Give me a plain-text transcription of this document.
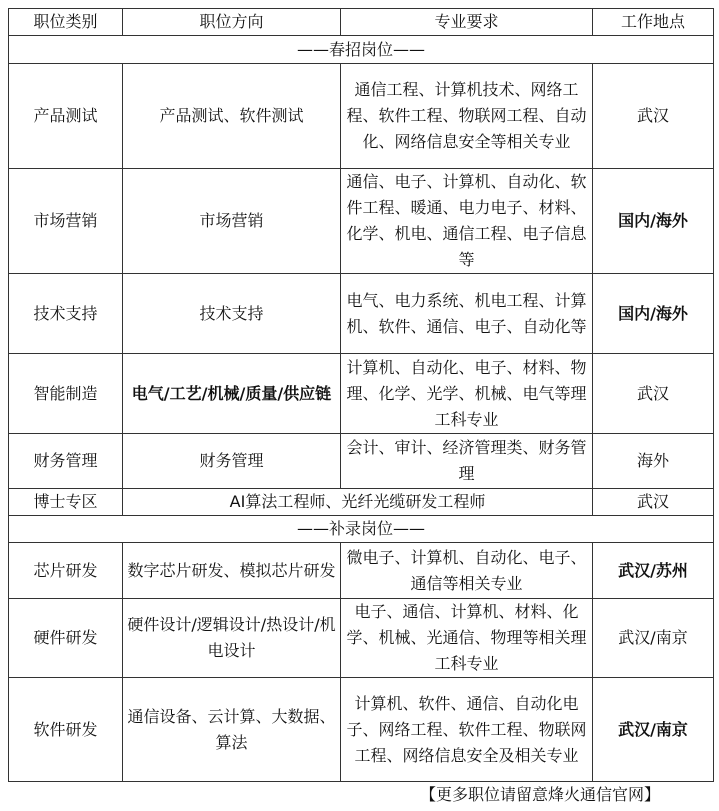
职位类别	职位方向	专业要求	工作地点
——春招岗位——			
产品测试	产品测试、软件测试	通信工程、计算机技术、网络工程、软件工程、物联网工程、自动化、网络信息安全等相关专业	武汉
市场营销	市场营销	通信、电子、计算机、自动化、软件工程、暖通、电力电子、材料、化学、机电、通信工程、电子信息等	国内/海外
技术支持	技术支持	电气、电力系统、机电工程、计算机、软件、通信、电子、自动化等	国内/海外
智能制造	电气/工艺/机械/质量/供应链	计算机、自动化、电子、材料、物理、化学、光学、机械、电气等理工科专业	武汉
财务管理	财务管理	会计、审计、经济管理类、财务管理	海外
博士专区	AI算法工程师、光纤光缆研发工程师		武汉
——补录岗位——			
芯片研发	数字芯片研发、模拟芯片研发	微电子、计算机、自动化、电子、通信等相关专业	武汉/苏州
硬件研发	硬件设计/逻辑设计/热设计/机电设计	电子、通信、计算机、材料、化学、机械、光通信、物理等相关理工科专业	武汉/南京
软件研发	通信设备、云计算、大数据、算法	计算机、软件、通信、自动化电子、网络工程、软件工程、物联网工程、网络信息安全及相关专业	武汉/南京
【更多职位请留意烽火通信官网】
